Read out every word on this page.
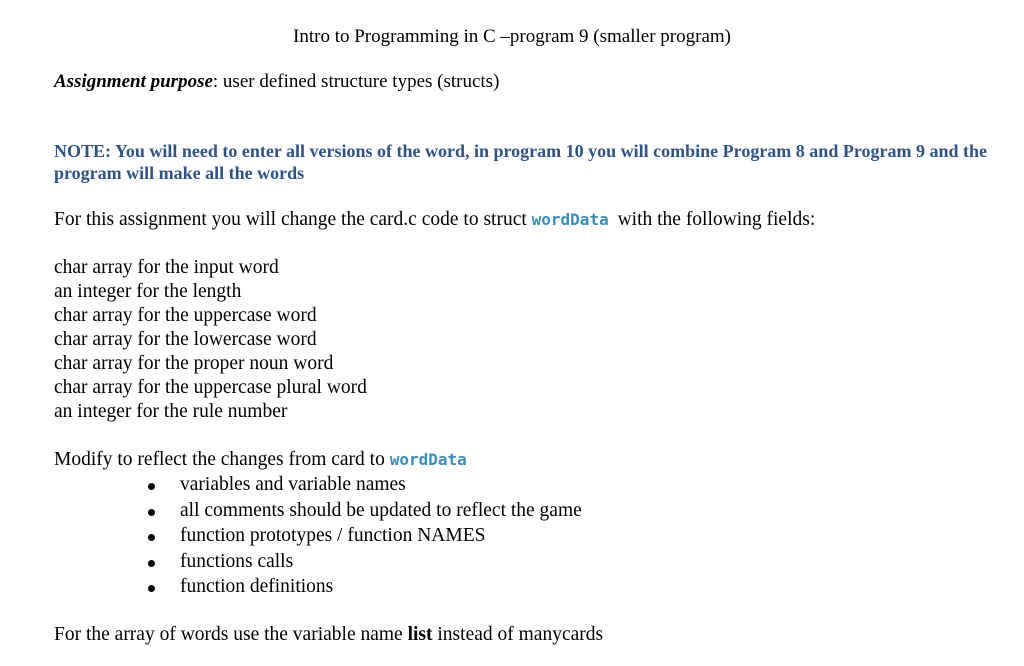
Intro to Programming in C –program 9 (smaller program)
Assignment purpose: user defined structure types (structs)
NOTE: You will need to enter all versions of the word, in program 10 you will combine Program 8 and Program 9 and the program will make all the words
For this assignment you will change the card.c code to struct wordData with the following fields:
char array for the input word
an integer for the length
char array for the uppercase word
char array for the lowercase word
char array for the proper noun word
char array for the uppercase plural word
an integer for the rule number
Modify to reflect the changes from card to wordData
variables and variable names
all comments should be updated to reflect the game
function prototypes / function NAMES
functions calls
function definitions
For the array of words use the variable name list instead of manycards
